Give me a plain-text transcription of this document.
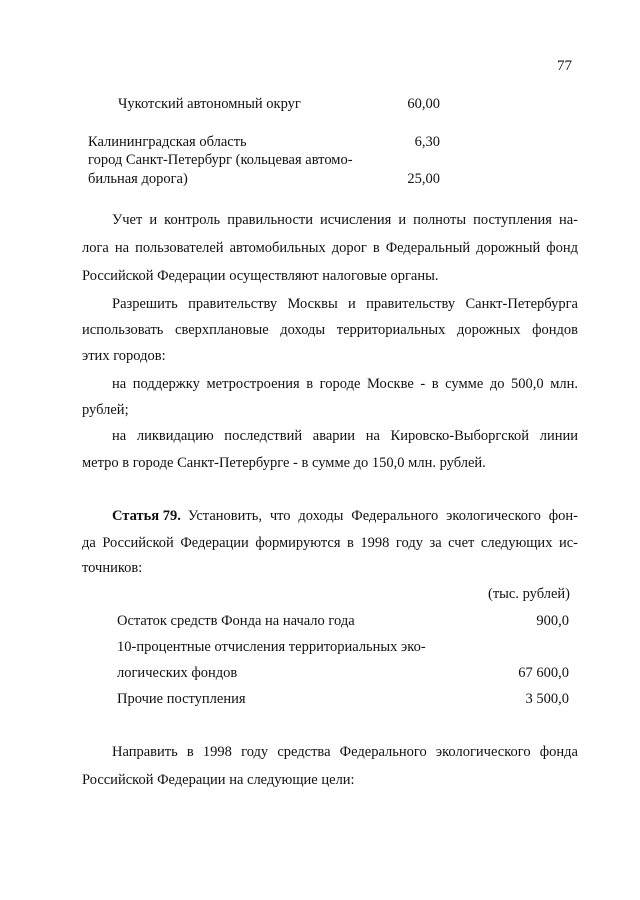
77
Чукотский автономный округ	60,00
Калининградская область	6,30
город Санкт-Петербург (кольцевая автомо-
бильная дорога)	25,00
Учет и контроль правильности исчисления и полноты поступления на-
лога на пользователей автомобильных дорог в Федеральный дорожный фонд
Российской Федерации осуществляют налоговые органы.
Разрешить правительству Москвы и правительству Санкт-Петербурга
использовать сверхплановые доходы территориальных дорожных фондов
этих городов:
на поддержку метростроения в городе Москве - в сумме до 500,0 млн.
рублей;
на ликвидацию последствий аварии на Кировско-Выборгской линии
метро в городе Санкт-Петербурге - в сумме до 150,0 млн. рублей.
Статья 79. Установить, что доходы Федерального экологического фон-
да Российской Федерации формируются в 1998 году за счет следующих ис-
точников:
(тыс. рублей)
Остаток средств Фонда на начало года	900,0
10-процентные отчисления территориальных эко-
логических фондов	67 600,0
Прочие поступления	3 500,0
Направить в 1998 году средства Федерального экологического фонда
Российской Федерации на следующие цели:
